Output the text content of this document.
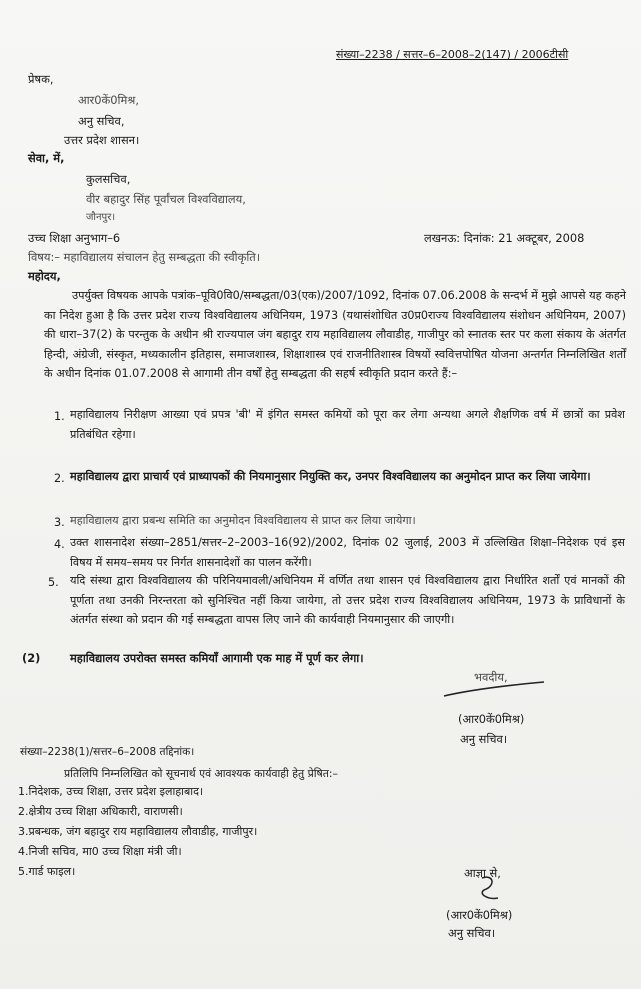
संख्या–2238 / सत्तर–6–2008–2(147) / 2006टीसी
प्रेषक,
आर0कें0मिश्र,
अनु सचिव,
उत्तर प्रदेश शासन।
सेवा, में,
कुलसचिव,
वीर बहादुर सिंह पूर्वांचल विश्वविद्यालय,
जौनपुर।
उच्च शिक्षा अनुभाग–6	लखनऊ: दिनांक: 21 अक्टूबर, 2008
विषय:– महाविद्यालय संचालन हेतु सम्बद्धता की स्वीकृति।
महोदय,
उपर्युक्त विषयक आपके पत्रांक–पूवि0वि0/सम्बद्धता/03(एक)/2007/1092, दिनांक 07.06.2008 के सन्दर्भ में मुझे आपसे यह कहने का निदेश हुआ है कि उत्तर प्रदेश राज्य विश्वविद्यालय अधिनियम, 1973 (यथासंशोधित उ0प्र0राज्य विश्वविद्यालय संशोधन अधिनियम, 2007) की धारा–37(2) के परन्तुक के अधीन श्री राज्यपाल जंग बहादुर राय महाविद्यालय लौवाडीह, गाजीपुर को स्नातक स्तर पर कला संकाय के अंतर्गत हिन्दी, अंग्रेजी, संस्कृत, मध्यकालीन इतिहास, समाजशास्त्र, शिक्षाशास्त्र एवं राजनीतिशास्त्र विषयों स्ववित्तपोषित योजना अन्तर्गत निम्नलिखित शर्तों के अधीन दिनांक 01.07.2008 से आगामी तीन वर्षों हेतु सम्बद्धता की सहर्ष स्वीकृति प्रदान करते हैं:–
1. महाविद्यालय निरीक्षण आख्या एवं प्रपत्र 'बी' में इंगित समस्त कमियों को पूरा कर लेगा अन्यथा अगले शैक्षणिक वर्ष में छात्रों का प्रवेश प्रतिबंधित रहेगा।
2. महाविद्यालय द्वारा प्राचार्य एवं प्राध्यापकों की नियमानुसार नियुक्ति कर, उनपर विश्वविद्यालय का अनुमोदन प्राप्त कर लिया जायेगा।
3. महाविद्यालय द्वारा प्रबन्ध समिति का अनुमोदन विश्वविद्यालय से प्राप्त कर लिया जायेगा।
4. उक्त शासनादेश संख्या–2851/सत्तर–2–2003–16(92)/2002, दिनांक 02 जुलाई, 2003 में उल्लिखित शिक्षा–निदेशक एवं इस विषय में समय–समय पर निर्गत शासनादेशों का पालन करेंगी।
5. यदि संस्था द्वारा विश्वविद्यालय की परिनियमावली/अधिनियम में वर्णित तथा शासन एवं विश्वविद्यालय द्वारा निर्धारित शर्तों एवं मानकों की पूर्णता तथा उनकी निरन्तरता को सुनिश्चित नहीं किया जायेगा, तो उत्तर प्रदेश राज्य विश्वविद्यालय अधिनियम, 1973 के प्राविधानों के अंतर्गत संस्था को प्रदान की गई सम्बद्धता वापस लिए जाने की कार्यवाही नियमानुसार की जाएगी।
(2)	महाविद्यालय उपरोक्त समस्त कमियाँ आगामी एक माह में पूर्ण कर लेगा।
भवदीय,
(आर0कें0मिश्र)
अनु सचिव।
संख्या–2238(1)/सत्तर–6–2008 तद्दिनांक।
प्रतिलिपि निम्नलिखित को सूचनार्थ एवं आवश्यक कार्यवाही हेतु प्रेषित:–
1.निदेशक, उच्च शिक्षा, उत्तर प्रदेश इलाहाबाद।
2.क्षेत्रीय उच्च शिक्षा अधिकारी, वाराणसी।
3.प्रबन्धक, जंग बहादुर राय महाविद्यालय लौवाडीह, गाजीपुर।
4.निजी सचिव, मा0 उच्च शिक्षा मंत्री जी।
5.गार्ड फाइल।	आज्ञा से,
(आर0कें0मिश्र)
अनु सचिव।
